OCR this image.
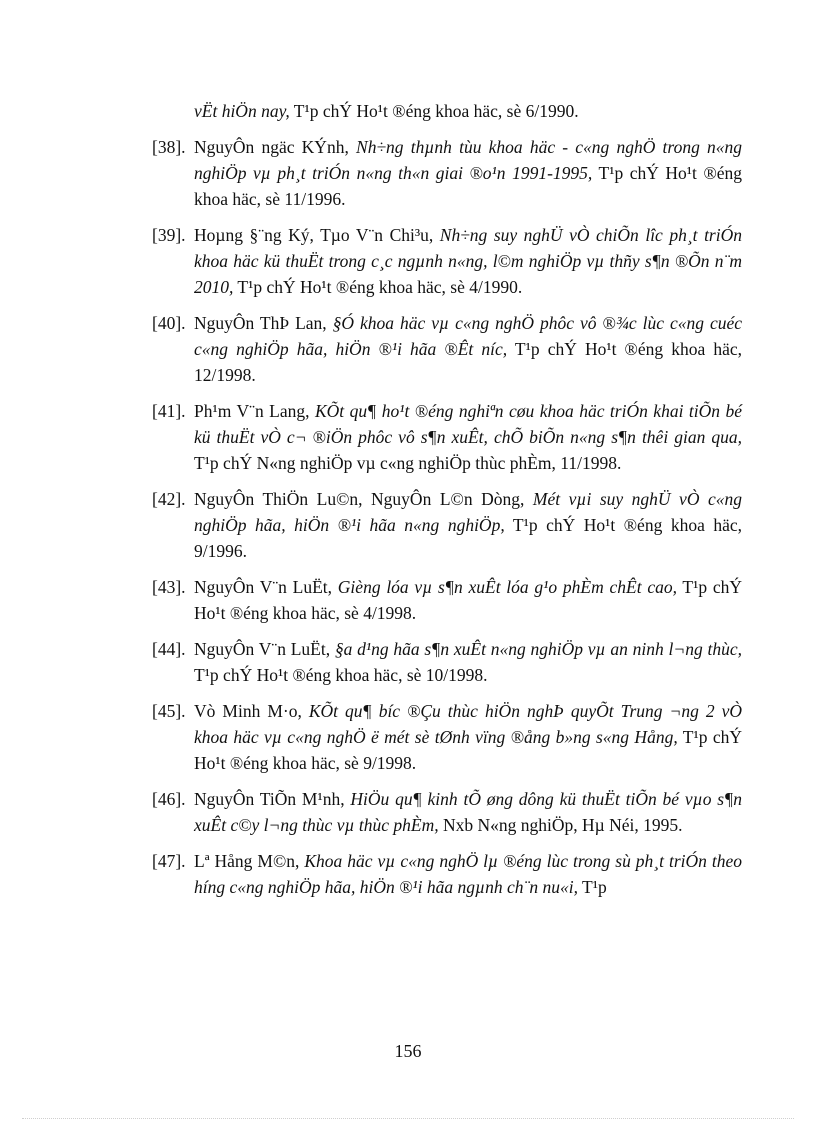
vËt hiÖn nay, T¹p chÝ Ho¹t ®éng khoa häc, sè 6/1990.
[38]. NguyÔn ngäc KÝnh, Nh÷ng thµnh tùu khoa häc - c«ng nghÖ trong n«ng nghiÖp vµ ph¸t triÓn n«ng th«n giai ®o¹n 1991-1995, T¹p chÝ Ho¹t ®éng khoa häc, sè 11/1996.
[39]. Hoµng §¨ng Ký, Tµo V¨n Chi³u, Nh÷ng suy nghÜ vÒ chiÕn lîc ph¸t triÓn khoa häc kü thuËt trong c¸c ngµnh n«ng, l©m nghiÖp vµ thñy s¶n ®Õn n¨m 2010, T¹p chÝ Ho¹t ®éng khoa häc, sè 4/1990.
[40]. NguyÔn ThÞ Lan, §Ó khoa häc vµ c«ng nghÖ phôc vô ®¾c lùc c«ng cuéc c«ng nghiÖp hãa, hiÖn ®¹i hãa ®Êt níc, T¹p chÝ Ho¹t ®éng khoa häc, 12/1998.
[41]. Ph¹m V¨n Lang, KÕt qu¶ ho¹t ®éng nghiªn cøu khoa häc triÓn khai tiÕn bé kü thuËt vÒ c¬ ®iÖn phôc vô s¶n xuÊt, chÕ biÕn n«ng s¶n thêi gian qua, T¹p chÝ N«ng nghiÖp vµ c«ng nghiÖp thùc phÈm, 11/1998.
[42]. NguyÔn ThiÖn Lu©n, NguyÔn L©n Dòng, Mét vµi suy nghÜ vÒ c«ng nghiÖp hãa, hiÖn ®¹i hãa n«ng nghiÖp, T¹p chÝ Ho¹t ®éng khoa häc, 9/1996.
[43]. NguyÔn V¨n LuËt, Gièng lóa vµ s¶n xuÊt lóa g¹o phÈm chÊt cao, T¹p chÝ Ho¹t ®éng khoa häc, sè 4/1998.
[44]. NguyÔn V¨n LuËt, §a d¹ng hãa s¶n xuÊt n«ng nghiÖp vµ an ninh l¬ng thùc, T¹p chÝ Ho¹t ®éng khoa häc, sè 10/1998.
[45]. Vò Minh M·o, KÕt qu¶ bíc ®Çu thùc hiÖn nghÞ quyÕt Trung ¬ng 2 vÒ khoa häc vµ c«ng nghÖ ë mét sè tØnh vïng ®ång b»ng s«ng Hång, T¹p chÝ Ho¹t ®éng khoa häc, sè 9/1998.
[46]. NguyÔn TiÕn M¹nh, HiÖu qu¶ kinh tÕ øng dông kü thuËt tiÕn bé vµo s¶n xuÊt c©y l¬ng thùc vµ thùc phÈm, Nxb N«ng nghiÖp, Hµ Néi, 1995.
[47]. Lª Hång M©n, Khoa häc vµ c«ng nghÖ lµ ®éng lùc trong sù ph¸t triÓn theo híng c«ng nghiÖp hãa, hiÖn ®¹i hãa ngµnh ch¨n nu«i, T¹p
156
